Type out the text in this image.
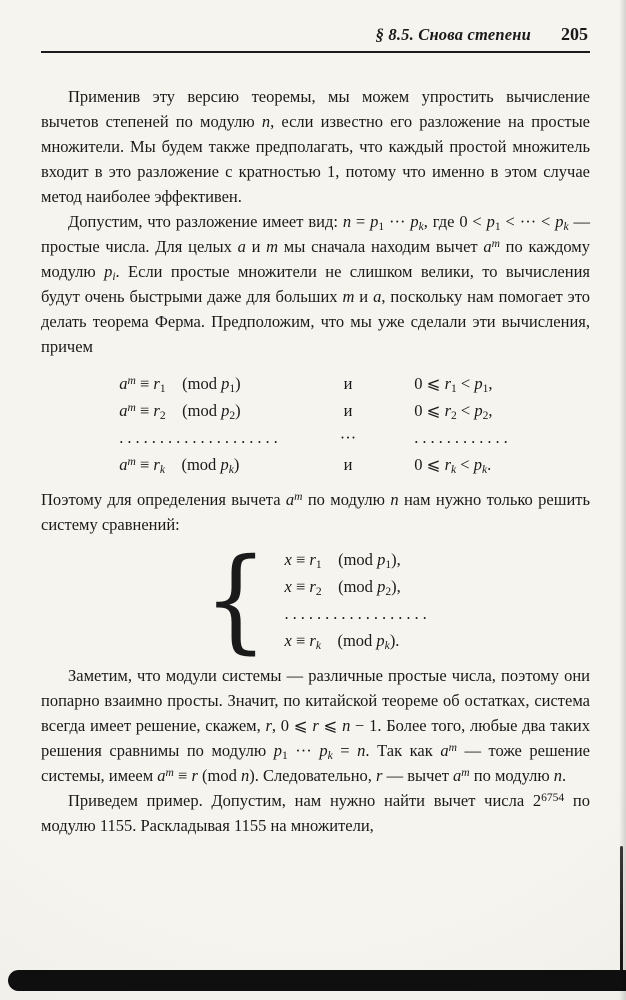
§ 8.5. Снова степени 205

Применив эту версию теоремы, мы можем упростить вычисление вычетов степеней по модулю n, если известно его разложение на простые множители. Мы будем также предполагать, что каждый простой множитель входит в это разложение с кратностью 1, потому что именно в этом случае метод наиболее эффективен.

Допустим, что разложение имеет вид: $n = p_1$ ··· $p_k$, где $0 < p_1$ < ··· < $p_k$ — простые числа. Для целых a и m мы сначала находим вычет $a^m$ по каждому модулю $p_i$. Если простые множители не слишком велики, то вычисления будут очень быстрыми даже для больших m и a, поскольку нам помогает это делать теорема Ферма. Предположим, что мы уже сделали эти вычисления, причем

$a^m \equiv r_1$  (mod $p_1$)	и	0 ⩽ $r_1 < p_1$,
$a^m \equiv r_2$  (mod $p_2$)	и	0 ⩽ $r_2 < p_2$,
....................	···	............
$a^m \equiv r_k$  (mod $p_k$)	и	0 ⩽ $r_k < p_k$.

Поэтому для определения вычета $a^m$ по модулю n нам нужно только решить систему сравнений:

{ $x \equiv r_1$  (mod $p_1$),
$x \equiv r_2$  (mod $p_2$),
..................
$x \equiv r_k$  (mod $p_k$).

Заметим, что модули системы — различные простые числа, поэтому они попарно взаимно просты. Значит, по китайской теореме об остатках, система всегда имеет решение, скажем, r, 0 ⩽ r ⩽ n − 1. Более того, любые два таких решения сравнимы по модулю $p_1$ ··· $p_k = n$. Так как $a^m$ — тоже решение системы, имеем $a^m \equiv r$ (mod n). Следовательно, r — вычет $a^m$ по модулю n.

Приведем пример. Допустим, нам нужно найти вычет числа $2^{6754}$ по модулю 1155. Раскладывая 1155 на множители,
